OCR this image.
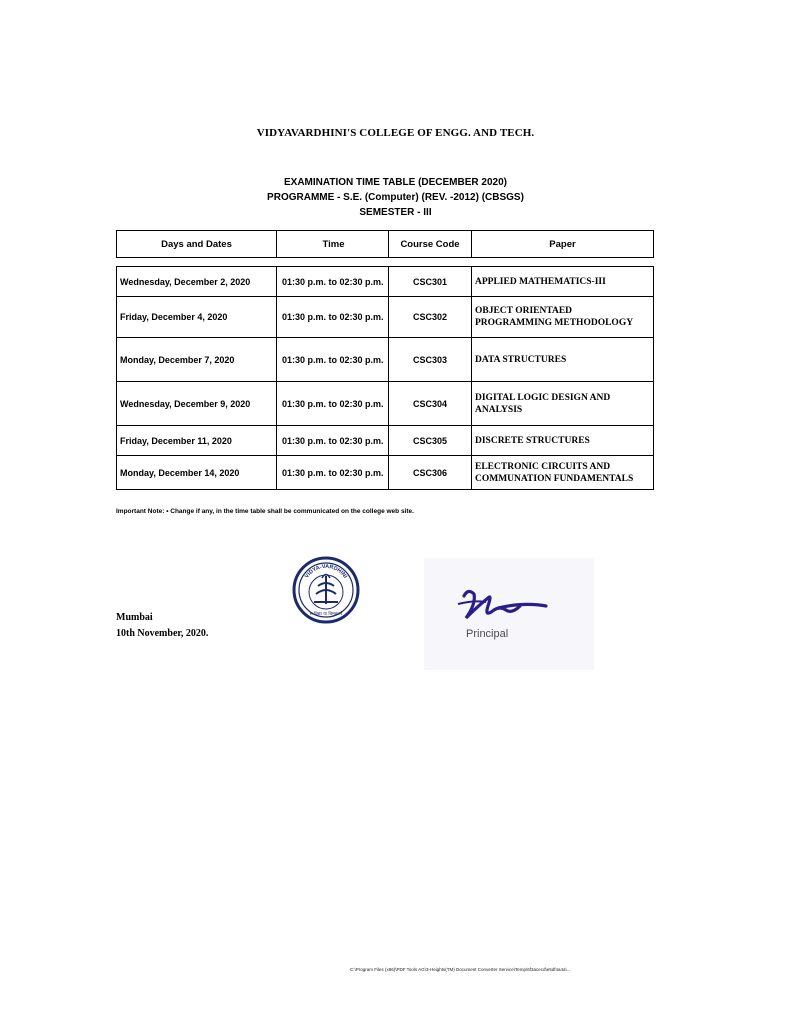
VIDYAVARDHINI'S COLLEGE OF ENGG. AND TECH.
EXAMINATION TIME TABLE (DECEMBER 2020)
PROGRAMME - S.E. (Computer) (REV. -2012) (CBSGS)
SEMESTER - III
Days and Dates	Time	Course Code	Paper
Wednesday, December 2, 2020	01:30 p.m. to 02:30 p.m.	CSC301	APPLIED MATHEMATICS-III
Friday, December 4, 2020	01:30 p.m. to 02:30 p.m.	CSC302	OBJECT ORIENTAED
PROGRAMMING METHODOLOGY
Monday, December 7, 2020	01:30 p.m. to 02:30 p.m.	CSC303	DATA STRUCTURES
Wednesday, December 9, 2020	01:30 p.m. to 02:30 p.m.	CSC304	DIGITAL LOGIC DESIGN AND
ANALYSIS
Friday, December 11, 2020	01:30 p.m. to 02:30 p.m.	CSC305	DISCRETE STRUCTURES
Monday, December 14, 2020	01:30 p.m. to 02:30 p.m.	CSC306	ELECTRONIC CIRCUITS AND
COMMUNATION FUNDAMENTALS
Important Note: • Change if any, in the time table shall be communicated on the college web site.
VIDYA-VARDHINI
स विद्या या विमुक्तये
Mumbai
10th November, 2020.	Principal
C:\Program Files (x86)\PDF Tools AG\3-Heights(TM) Document Converter Service\Temp\6f3acecd\e5df4a4a\...
